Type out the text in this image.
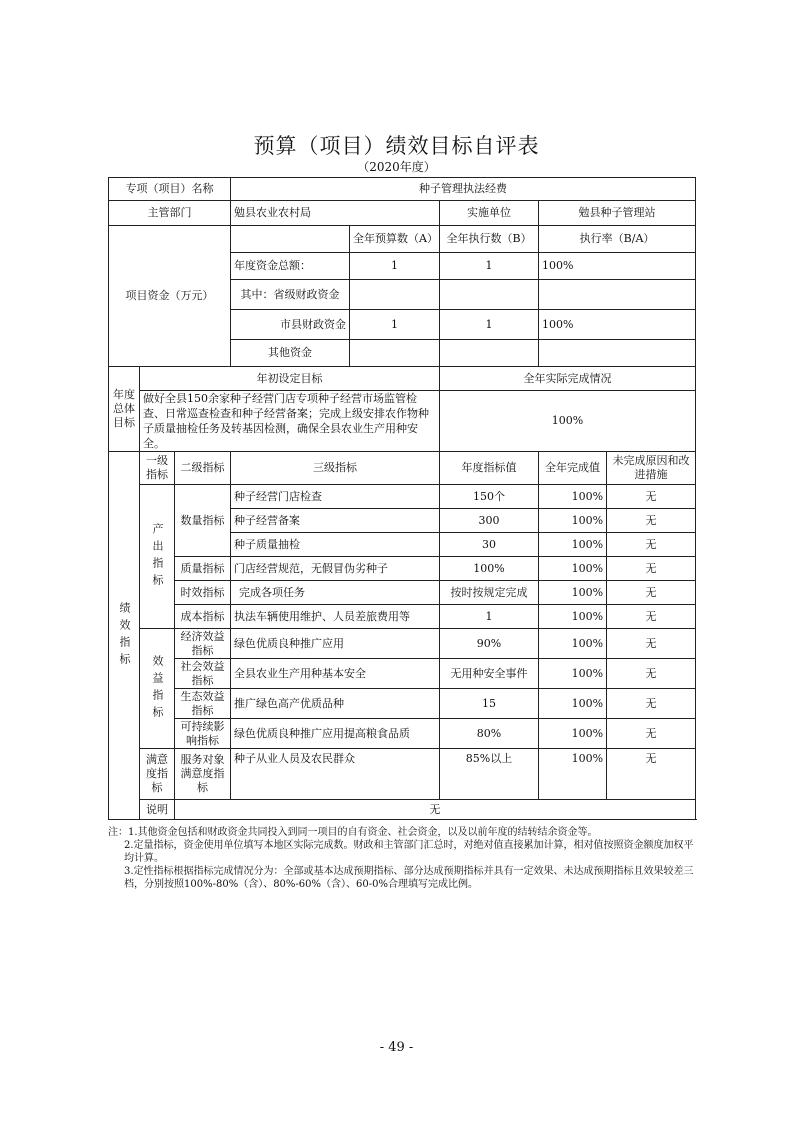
预算（项目）绩效目标自评表
（2020年度）
专项（项目）名称			种子管理执法经费				
主管部门			勉县农业农村局		实施单位	勉县种子管理站	
项目资金（万元）				全年预算数（A）	全年执行数（B）	执行率（B/A）	
			年度资金总额：	1	1	100%	
			其中：省级财政资金				
			市县财政资金	1	1	100%	
			其他资金				
年度总体目标	年初设定目标				全年实际完成情况		
	做好全县150余家种子经营门店专项种子经营市场监管检查、日常巡查检查和种子经营备案；完成上级安排农作物种子质量抽检任务及转基因检测，确保全县农业生产用种安全。				100%		
绩效指标	一级指标	二级指标	三级指标		年度指标值	全年完成值	未完成原因和改进措施
	产出指标	数量指标	种子经营门店检查		150个	100%	无
			种子经营备案		300	100%	无
			种子质量抽检		30	100%	无
		质量指标	门店经营规范，无假冒伪劣种子		100%	100%	无
		时效指标	完成各项任务		按时按规定完成	100%	无
		成本指标	执法车辆使用维护、人员差旅费用等		1	100%	无
	效益指标	经济效益指标	绿色优质良种推广应用		90%	100%	无
		社会效益指标	全县农业生产用种基本安全		无用种安全事件	100%	无
		生态效益指标	推广绿色高产优质品种		15	100%	无
		可持续影响指标	绿色优质良种推广应用提高粮食品质		80%	100%	无
	满意度指标	服务对象满意度指标	种子从业人员及农民群众		85%以上	100%	无
	说明	无					

注：1.其他资金包括和财政资金共同投入到同一项目的自有资金、社会资金，以及以前年度的结转结余资金等。

2.定量指标，资金使用单位填写本地区实际完成数。财政和主管部门汇总时，对绝对值直接累加计算，相对值按照资金额度加权平均计算。

3.定性指标根据指标完成情况分为：全部或基本达成预期指标、部分达成预期指标并具有一定效果、未达成预期指标且效果较差三档，分别按照100%-80%（含）、80%-60%（含）、60-0%合理填写完成比例。

- 49 -
